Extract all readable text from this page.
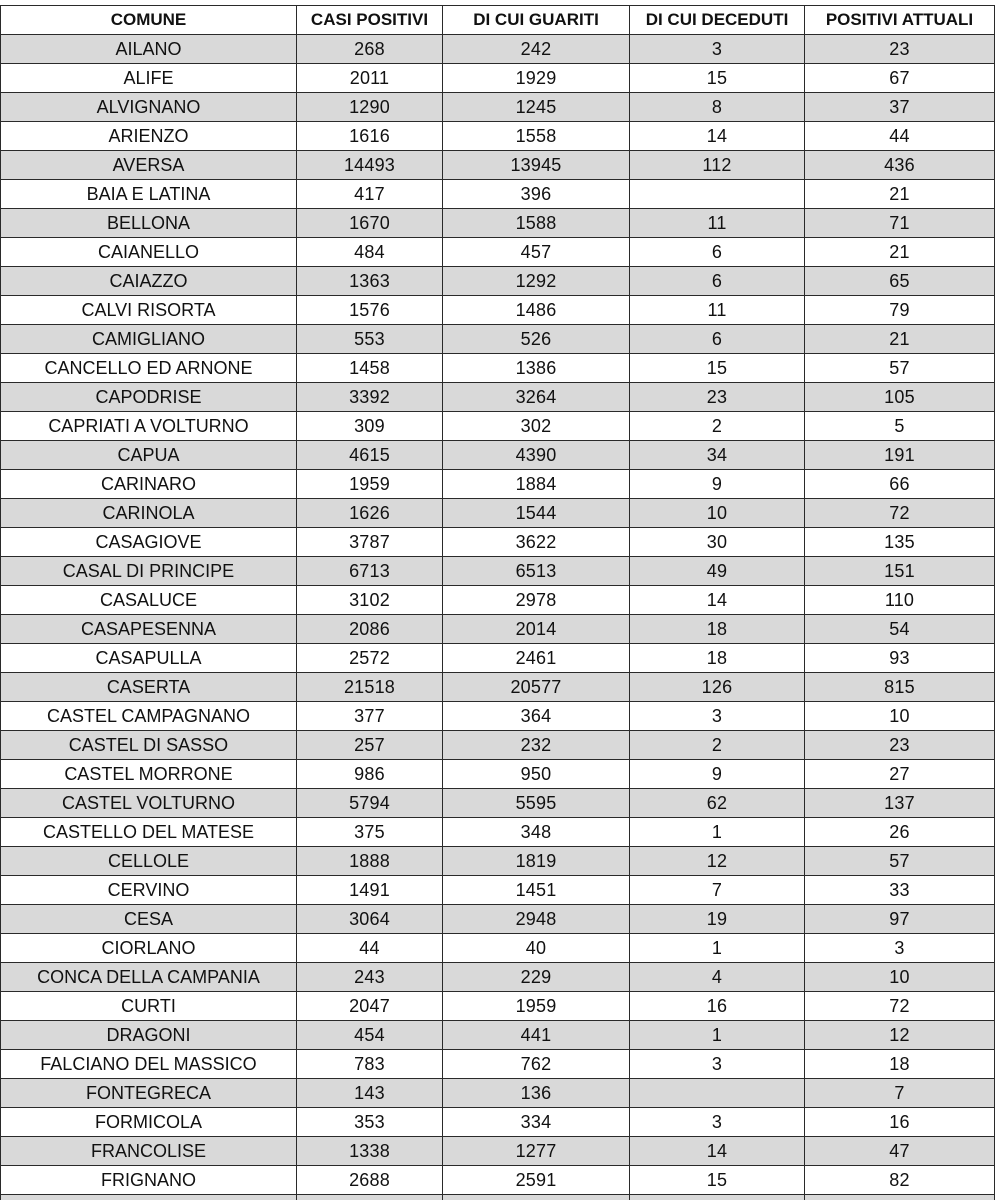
COMUNE	CASI POSITIVI	DI CUI GUARITI	DI CUI DECEDUTI	POSITIVI ATTUALI
AILANO	268	242	3	23
ALIFE	2011	1929	15	67
ALVIGNANO	1290	1245	8	37
ARIENZO	1616	1558	14	44
AVERSA	14493	13945	112	436
BAIA E LATINA	417	396		21
BELLONA	1670	1588	11	71
CAIANELLO	484	457	6	21
CAIAZZO	1363	1292	6	65
CALVI RISORTA	1576	1486	11	79
CAMIGLIANO	553	526	6	21
CANCELLO ED ARNONE	1458	1386	15	57
CAPODRISE	3392	3264	23	105
CAPRIATI A VOLTURNO	309	302	2	5
CAPUA	4615	4390	34	191
CARINARO	1959	1884	9	66
CARINOLA	1626	1544	10	72
CASAGIOVE	3787	3622	30	135
CASAL DI PRINCIPE	6713	6513	49	151
CASALUCE	3102	2978	14	110
CASAPESENNA	2086	2014	18	54
CASAPULLA	2572	2461	18	93
CASERTA	21518	20577	126	815
CASTEL CAMPAGNANO	377	364	3	10
CASTEL DI SASSO	257	232	2	23
CASTEL MORRONE	986	950	9	27
CASTEL VOLTURNO	5794	5595	62	137
CASTELLO DEL MATESE	375	348	1	26
CELLOLE	1888	1819	12	57
CERVINO	1491	1451	7	33
CESA	3064	2948	19	97
CIORLANO	44	40	1	3
CONCA DELLA CAMPANIA	243	229	4	10
CURTI	2047	1959	16	72
DRAGONI	454	441	1	12
FALCIANO DEL MASSICO	783	762	3	18
FONTEGRECA	143	136		7
FORMICOLA	353	334	3	16
FRANCOLISE	1338	1277	14	47
FRIGNANO	2688	2591	15	82
